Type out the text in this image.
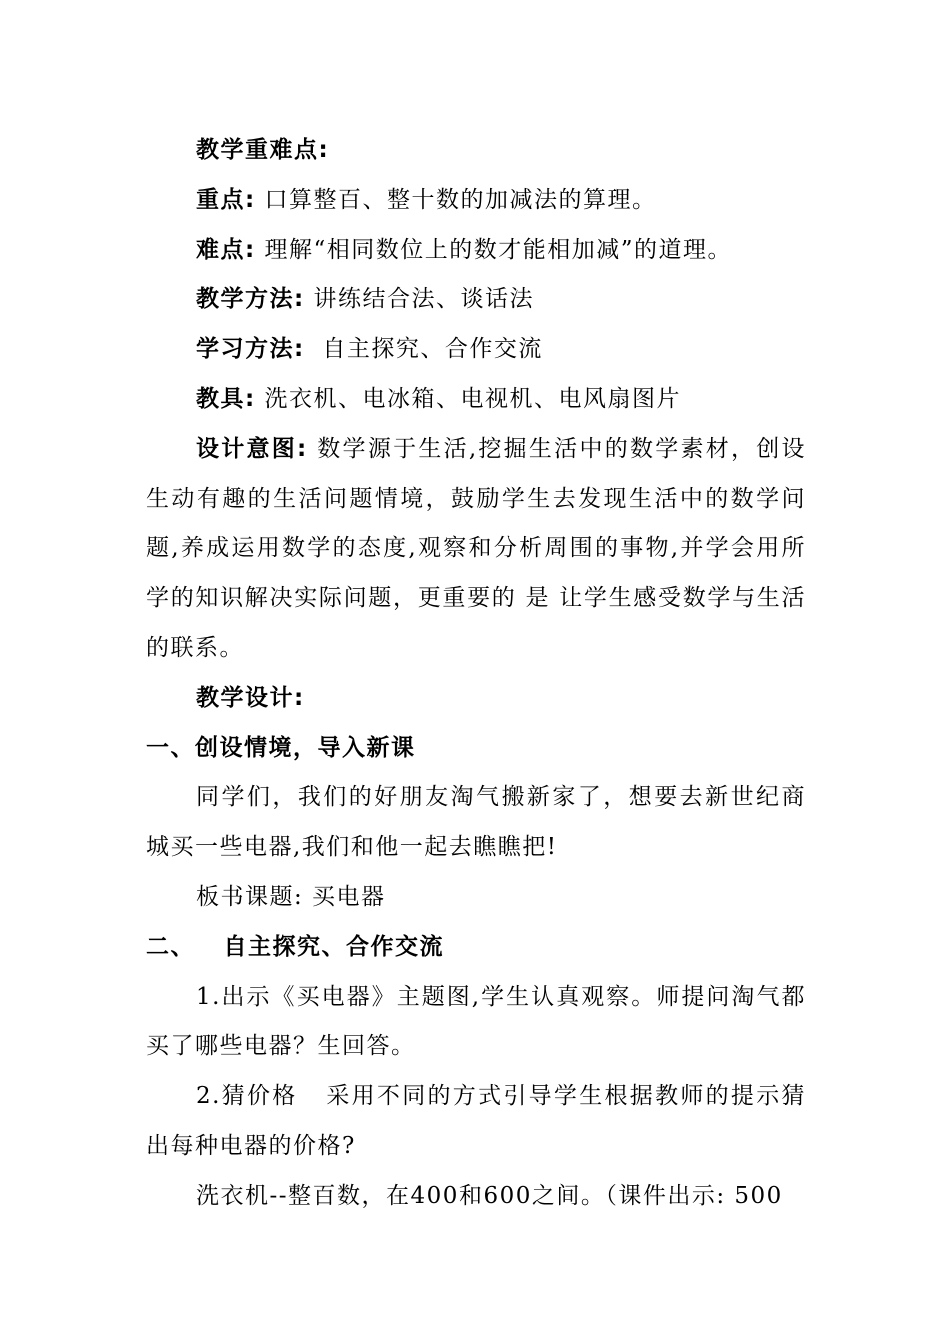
教学重难点:

重点: 口算整百、整十数的加减法的算理。

难点: 理解“相同数位上的数才能相加减”的道理。

教学方法: 讲练结合法、谈话法

学习方法:  自主探究、合作交流

教具: 洗衣机、电冰箱、电视机、电风扇图片

设计意图: 数学源于生活,挖掘生活中的数学素材，创设生动有趣的生活问题情境，鼓励学生去发现生活中的数学问题,养成运用数学的态度,观察和分析周围的事物,并学会用所学的知识解决实际问题，更重要的 是 让学生感受数学与生活的联系。

教学设计:

一、创设情境，导入新课

同学们，我们的好朋友淘气搬新家了，想要去新世纪商城买一些电器,我们和他一起去瞧瞧把!

板书课题: 买电器

二、   自主探究、合作交流

1.出示《买电器》主题图,学生认真观察。师提问淘气都买了哪些电器？生回答。

2.猜价格   采用不同的方式引导学生根据教师的提示猜出每种电器的价格?

洗衣机--整百数，在400和600之间。（课件出示: 500
